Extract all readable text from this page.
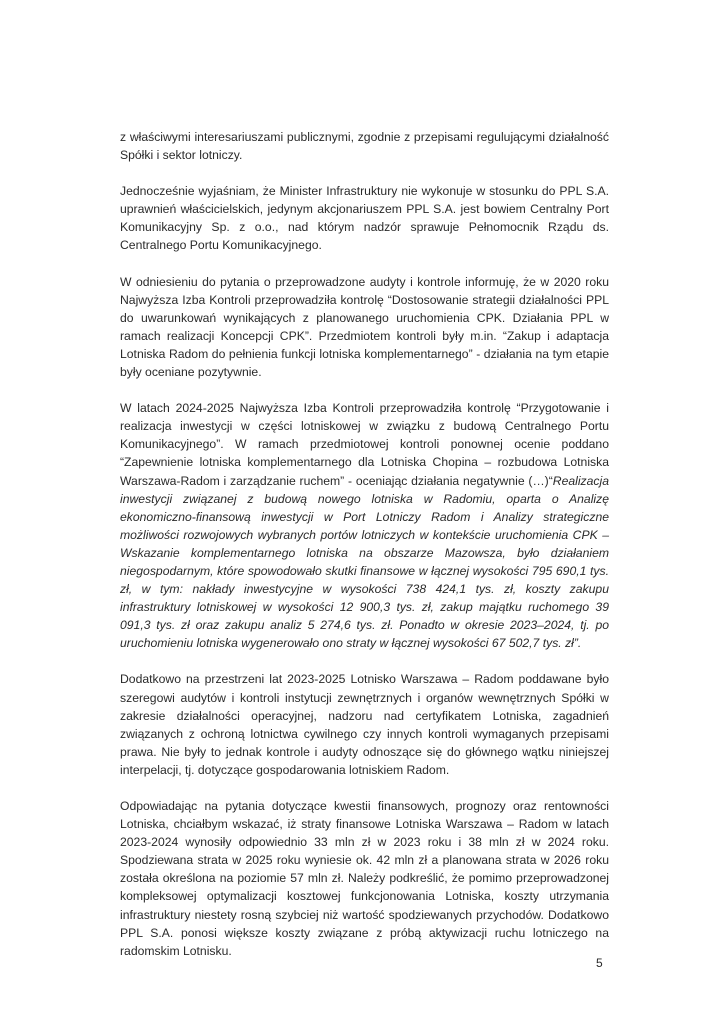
z właściwymi interesariuszami publicznymi, zgodnie z przepisami regulującymi działalność Spółki i sektor lotniczy.

Jednocześnie wyjaśniam, że Minister Infrastruktury nie wykonuje w stosunku do PPL S.A. uprawnień właścicielskich, jedynym akcjonariuszem PPL S.A. jest bowiem Centralny Port Komunikacyjny Sp. z o.o., nad którym nadzór sprawuje Pełnomocnik Rządu ds. Centralnego Portu Komunikacyjnego.

W odniesieniu do pytania o przeprowadzone audyty i kontrole informuję, że w 2020 roku Najwyższa Izba Kontroli przeprowadziła kontrolę “Dostosowanie strategii działalności PPL do uwarunkowań wynikających z planowanego uruchomienia CPK. Działania PPL w ramach realizacji Koncepcji CPK”. Przedmiotem kontroli były m.in. “Zakup i adaptacja Lotniska Radom do pełnienia funkcji lotniska komplementarnego” - działania na tym etapie były oceniane pozytywnie.

W latach 2024-2025 Najwyższa Izba Kontroli przeprowadziła kontrolę “Przygotowanie i realizacja inwestycji w części lotniskowej w związku z budową Centralnego Portu Komunikacyjnego”. W ramach przedmiotowej kontroli ponownej ocenie poddano “Zapewnienie lotniska komplementarnego dla Lotniska Chopina – rozbudowa Lotniska Warszawa-Radom i zarządzanie ruchem” - oceniając działania negatywnie (…)“Realizacja inwestycji związanej z budową nowego lotniska w Radomiu, oparta o Analizę ekonomiczno-finansową inwestycji w Port Lotniczy Radom i Analizy strategiczne możliwości rozwojowych wybranych portów lotniczych w kontekście uruchomienia CPK – Wskazanie komplementarnego lotniska na obszarze Mazowsza, było działaniem niegospodarnym, które spowodowało skutki finansowe w łącznej wysokości 795 690,1 tys. zł, w tym: nakłady inwestycyjne w wysokości 738 424,1 tys. zł, koszty zakupu infrastruktury lotniskowej w wysokości 12 900,3 tys. zł, zakup majątku ruchomego 39 091,3 tys. zł oraz zakupu analiz 5 274,6 tys. zł. Ponadto w okresie 2023–2024, tj. po uruchomieniu lotniska wygenerowało ono straty w łącznej wysokości 67 502,7 tys. zł”.

Dodatkowo na przestrzeni lat 2023-2025 Lotnisko Warszawa – Radom poddawane było szeregowi audytów i kontroli instytucji zewnętrznych i organów wewnętrznych Spółki w zakresie działalności operacyjnej, nadzoru nad certyfikatem Lotniska, zagadnień związanych z ochroną lotnictwa cywilnego czy innych kontroli wymaganych przepisami prawa. Nie były to jednak kontrole i audyty odnoszące się do głównego wątku niniejszej interpelacji, tj. dotyczące gospodarowania lotniskiem Radom.

Odpowiadając na pytania dotyczące kwestii finansowych, prognozy oraz rentowności Lotniska, chciałbym wskazać, iż straty finansowe Lotniska Warszawa – Radom w latach 2023-2024 wynosiły odpowiednio 33 mln zł w 2023 roku i 38 mln zł w 2024 roku. Spodziewana strata w 2025 roku wyniesie ok. 42 mln zł a planowana strata w 2026 roku została określona na poziomie 57 mln zł. Należy podkreślić, że pomimo przeprowadzonej kompleksowej optymalizacji kosztowej funkcjonowania Lotniska, koszty utrzymania infrastruktury niestety rosną szybciej niż wartość spodziewanych przychodów. Dodatkowo PPL S.A. ponosi większe koszty związane z próbą aktywizacji ruchu lotniczego na radomskim Lotnisku.

5
